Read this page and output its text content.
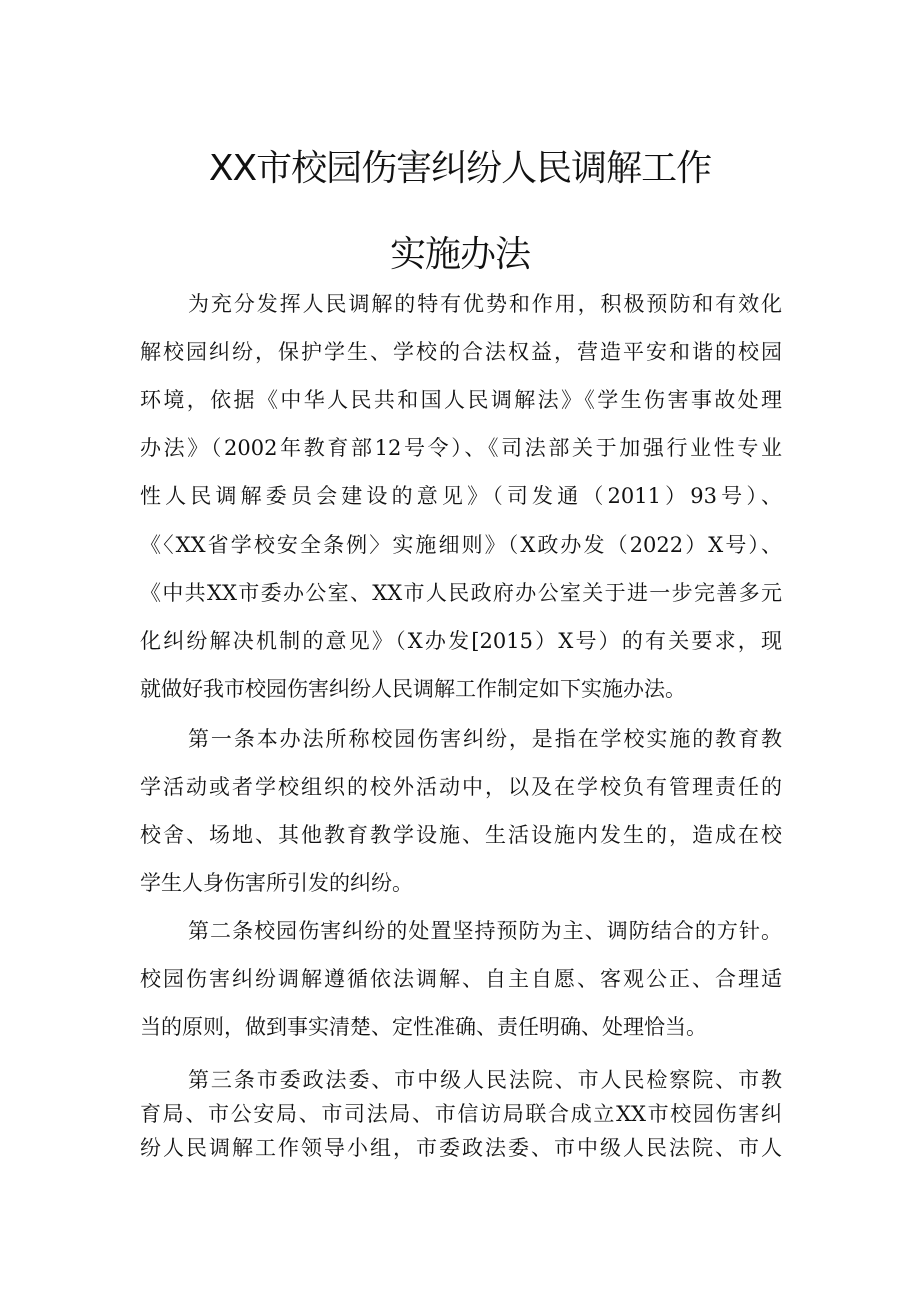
XX市校园伤害纠纷人民调解工作
实施办法
为充分发挥人民调解的特有优势和作用，积极预防和有效化
解校园纠纷，保护学生、学校的合法权益，营造平安和谐的校园
环境，依据《中华人民共和国人民调解法》《学生伤害事故处理
办法》（2002年教育部12号令）、《司法部关于加强行业性专业
性人民调解委员会建设的意见》（司发通（2011）93号）、
《〈XX省学校安全条例〉实施细则》（X政办发（2022）X号）、
《中共XX市委办公室、XX市人民政府办公室关于进一步完善多元
化纠纷解决机制的意见》（X办发[2015）X号）的有关要求，现
就做好我市校园伤害纠纷人民调解工作制定如下实施办法。
第一条本办法所称校园伤害纠纷，是指在学校实施的教育教
学活动或者学校组织的校外活动中，以及在学校负有管理责任的
校舍、场地、其他教育教学设施、生活设施内发生的，造成在校
学生人身伤害所引发的纠纷。
第二条校园伤害纠纷的处置坚持预防为主、调防结合的方针。
校园伤害纠纷调解遵循依法调解、自主自愿、客观公正、合理适
当的原则，做到事实清楚、定性准确、责任明确、处理恰当。
第三条市委政法委、市中级人民法院、市人民检察院、市教
育局、市公安局、市司法局、市信访局联合成立XX市校园伤害纠
纷人民调解工作领导小组，市委政法委、市中级人民法院、市人
